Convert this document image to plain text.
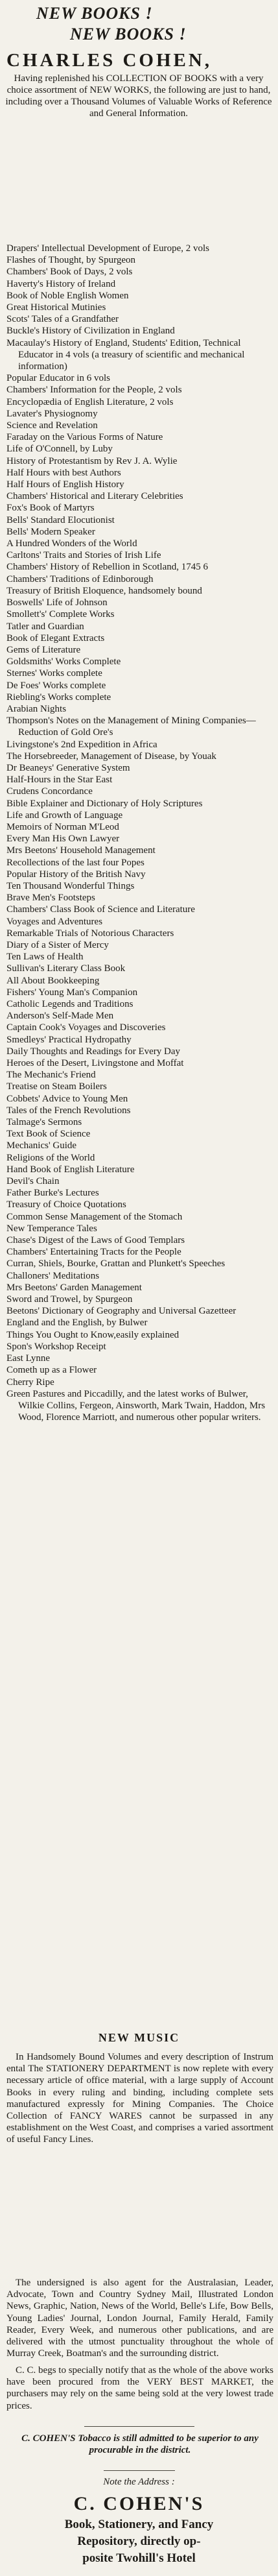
NEW BOOKS !
NEW BOOKS !
CHARLES COHEN,
Having replenished his COLLECTION OF BOOKS with a very choice assortment of NEW WORKS, the following are just to hand, including over a Thousand Volumes of Valuable Works of Reference and General Information.

Drapers' Intellectual Development of Europe, 2 vols

Flashes of Thought, by Spurgeon

Chambers' Book of Days, 2 vols

Haverty's History of Ireland

Book of Noble English Women

Great Historical Mutinies

Scots' Tales of a Grandfather

Buckle's History of Civilization in England

Macaulay's History of England, Students' Edition, Technical Educator in 4 vols (a treasury of scientific and mechanical information)

Popular Educator in 6 vols

Chambers' Information for the People, 2 vols

Encyclopædia of English Literature, 2 vols

Lavater's Physiognomy

Science and Revelation

Faraday on the Various Forms of Nature

Life of O'Connell, by Luby

History of Protestantism by Rev J. A. Wylie

Half Hours with best Authors

Half Hours of English History

Chambers' Historical and Literary Celebrities

Fox's Book of Martyrs

Bells' Standard Elocutionist

Bells' Modern Speaker

A Hundred Wonders of the World

Carltons' Traits and Stories of Irish Life

Chambers' History of Rebellion in Scotland, 1745 6

Chambers' Traditions of Edinborough

Treasury of British Eloquence, handsomely bound

Boswells' Life of Johnson

Smollett's' Complete Works

Tatler and Guardian

Book of Elegant Extracts

Gems of Literature

Goldsmiths' Works Complete

Sternes' Works complete

De Foes' Works complete

Riebling's Works complete

Arabian Nights

Thompson's Notes on the Management of Mining Companies—Reduction of Gold Ore's

Livingstone's 2nd Expedition in Africa

The Horsebreeder, Management of Disease, by Youak

Dr Beaneys' Generative System

Half-Hours in the Star East

Crudens Concordance

Bible Explainer and Dictionary of Holy Scriptures

Life and Growth of Language

Memoirs of Norman M'Leod

Every Man His Own Lawyer

Mrs Beetons' Household Management

Recollections of the last four Popes

Popular History of the British Navy

Ten Thousand Wonderful Things

Brave Men's Footsteps

Chambers' Class Book of Science and Literature

Voyages and Adventures

Remarkable Trials of Notorious Characters

Diary of a Sister of Mercy

Ten Laws of Health

Sullivan's Literary Class Book

All About Bookkeeping

Fishers' Young Man's Companion

Catholic Legends and Traditions

Anderson's Self-Made Men

Captain Cook's Voyages and Discoveries

Smedleys' Practical Hydropathy

Daily Thoughts and Readings for Every Day

Heroes of the Desert, Livingstone and Moffat

The Mechanic's Friend

Treatise on Steam Boilers

Cobbets' Advice to Young Men

Tales of the French Revolutions

Talmage's Sermons

Text Book of Science

Mechanics' Guide

Religions of the World

Hand Book of English Literature

Devil's Chain

Father Burke's Lectures

Treasury of Choice Quotations

Common Sense Management of the Stomach

New Temperance Tales

Chase's Digest of the Laws of Good Templars

Chambers' Entertaining Tracts for the People

Curran, Shiels, Bourke, Grattan and Plunkett's Speeches

Challoners' Meditations

Mrs Beetons' Garden Management

Sword and Trowel, by Spurgeon

Beetons' Dictionary of Geography and Universal Gazetteer

England and the English, by Bulwer

Things You Ought to Know,easily explained

Spon's Workshop Receipt

East Lynne

Cometh up as a Flower

Cherry Ripe

Green Pastures and Piccadilly, and the latest works of Bulwer, Wilkie Collins, Fergeon, Ainsworth, Mark Twain, Haddon, Mrs Wood, Florence Marriott, and numerous other popular writers.

NEW MUSIC

In Handsomely Bound Volumes and every description of Instrum ental The STATIONERY DEPARTMENT is now replete with every necessary article of office material, with a large supply of Account Books in every ruling and binding, including complete sets manufactured expressly for Mining Companies. The Choice Collection of FANCY WARES cannot be surpassed in any establishment on the West Coast, and comprises a varied assortment of useful Fancy Lines.

The undersigned is also agent for the Australasian, Leader, Advocate, Town and Country Sydney Mail, Illustrated London News, Graphic, Nation, News of the World, Belle's Life, Bow Bells, Young Ladies' Journal, London Journal, Family Herald, Family Reader, Every Week, and numerous other publications, and are delivered with the utmost punctuality throughout the whole of Murray Creek, Boatman's and the surrounding district.

C. C. begs to specially notify that as the whole of the above works have been procured from the VERY BEST MARKET, the purchasers may rely on the same being sold at the very lowest trade prices.

C. COHEN'S Tobacco is still admitted to be superior to any procurable in the district.
Note the Address :
C. COHEN'S
Book, Stationery, and Fancy
Repository, directly op-
posite Twohill's Hotel
